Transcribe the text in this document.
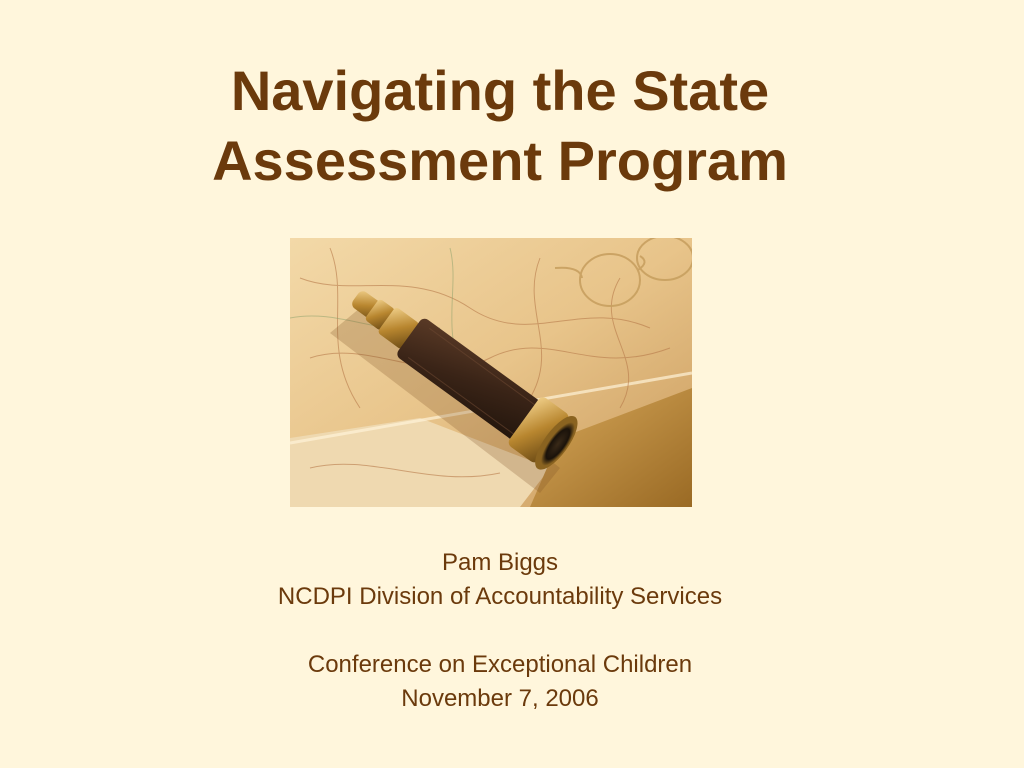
Navigating the State
Assessment Program
Pam Biggs
NCDPI Division of Accountability Services
Conference on Exceptional Children
November 7, 2006
